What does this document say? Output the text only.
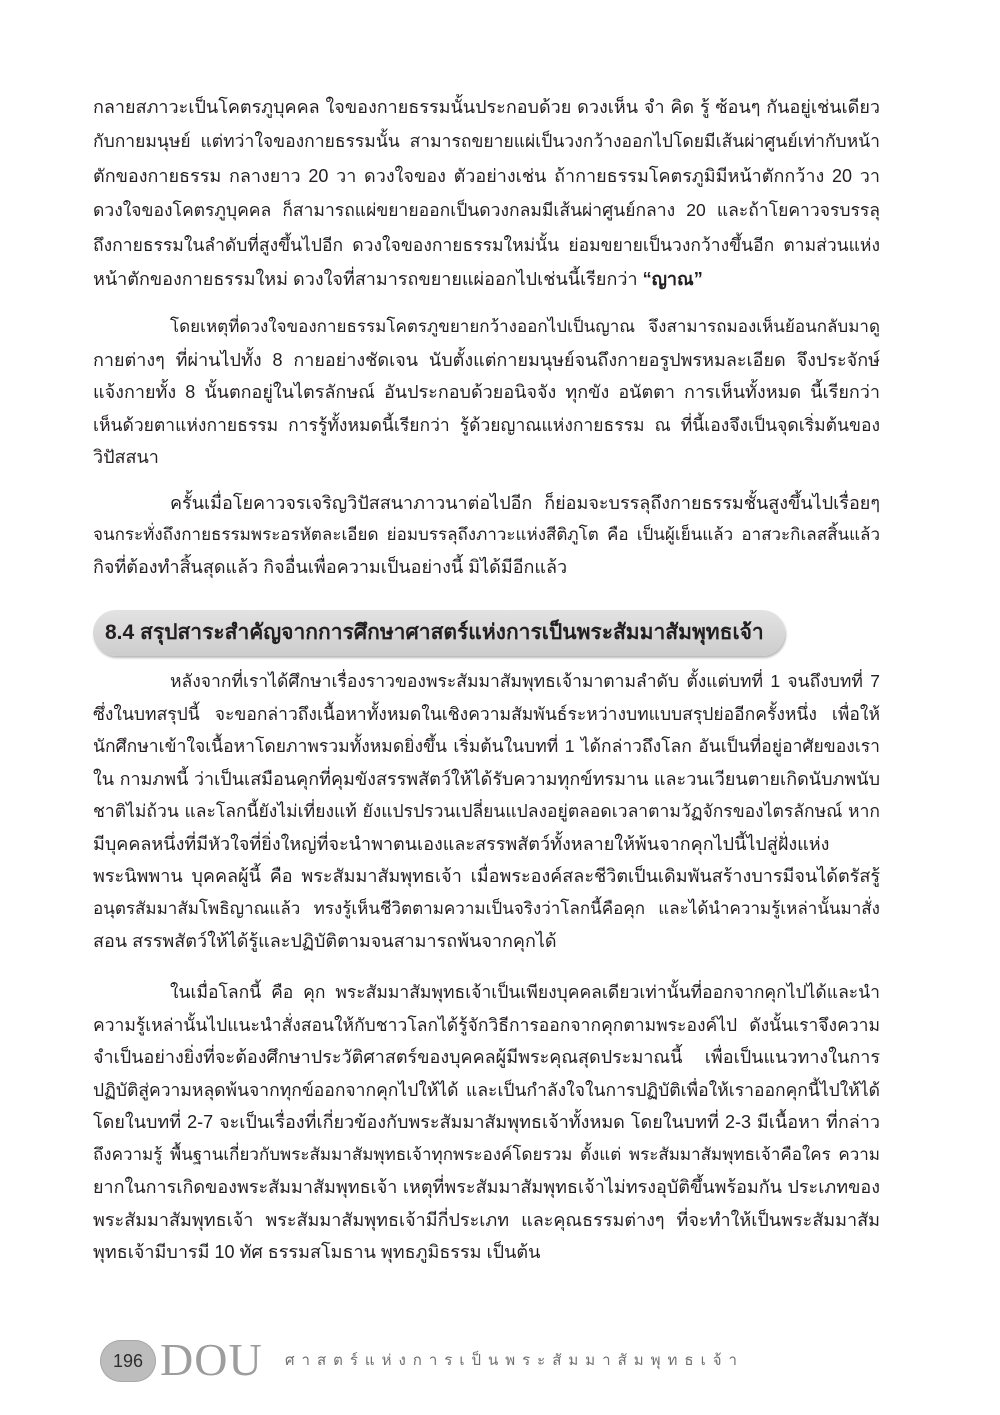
กลายสภาวะเป็นโคตรภูบุคคล ใจของกายธรรมนั้นประกอบด้วย ดวงเห็น จำ คิด รู้ ซ้อนๆ กันอยู่เช่นเดียว
กับกายมนุษย์ แต่ทว่าใจของกายธรรมนั้น สามารถขยายแผ่เป็นวงกว้างออกไปโดยมีเส้นผ่าศูนย์เท่ากับหน้า
ตักของกายธรรม กลางยาว 20 วา ดวงใจของ ตัวอย่างเช่น ถ้ากายธรรมโคตรภูมิมีหน้าตักกว้าง 20 วา
ดวงใจของโคตรภูบุคคล ก็สามารถแผ่ขยายออกเป็นดวงกลมมีเส้นผ่าศูนย์กลาง 20 และถ้าโยคาวจรบรรลุ
ถึงกายธรรมในลำดับที่สูงขึ้นไปอีก ดวงใจของกายธรรมใหม่นั้น ย่อมขยายเป็นวงกว้างขึ้นอีก ตามส่วนแห่ง
หน้าตักของกายธรรมใหม่ ดวงใจที่สามารถขยายแผ่ออกไปเช่นนี้เรียกว่า “ญาณ”
โดยเหตุที่ดวงใจของกายธรรมโคตรภูขยายกว้างออกไปเป็นญาณ จึงสามารถมองเห็นย้อนกลับมาดู
กายต่างๆ ที่ผ่านไปทั้ง 8 กายอย่างชัดเจน นับตั้งแต่กายมนุษย์จนถึงกายอรูปพรหมละเอียด จึงประจักษ์
แจ้งกายทั้ง 8 นั้นตกอยู่ในไตรลักษณ์ อันประกอบด้วยอนิจจัง ทุกขัง อนัตตา การเห็นทั้งหมด นี้เรียกว่า
เห็นด้วยตาแห่งกายธรรม การรู้ทั้งหมดนี้เรียกว่า รู้ด้วยญาณแห่งกายธรรม ณ ที่นี้เองจึงเป็นจุดเริ่มต้นของ
วิปัสสนา
ครั้นเมื่อโยคาวจรเจริญวิปัสสนาภาวนาต่อไปอีก ก็ย่อมจะบรรลุถึงกายธรรมชั้นสูงขึ้นไปเรื่อยๆ
จนกระทั่งถึงกายธรรมพระอรหัตละเอียด ย่อมบรรลุถึงภาวะแห่งสีติภูโต คือ เป็นผู้เย็นแล้ว อาสวะกิเลสสิ้นแล้ว
กิจที่ต้องทำสิ้นสุดแล้ว กิจอื่นเพื่อความเป็นอย่างนี้ มิได้มีอีกแล้ว
8.4 สรุปสาระสำคัญจากการศึกษาศาสตร์แห่งการเป็นพระสัมมาสัมพุทธเจ้า
หลังจากที่เราได้ศึกษาเรื่องราวของพระสัมมาสัมพุทธเจ้ามาตามลำดับ ตั้งแต่บทที่ 1 จนถึงบทที่ 7
ซึ่งในบทสรุปนี้ จะขอกล่าวถึงเนื้อหาทั้งหมดในเชิงความสัมพันธ์ระหว่างบทแบบสรุปย่ออีกครั้งหนึ่ง เพื่อให้
นักศึกษาเข้าใจเนื้อหาโดยภาพรวมทั้งหมดยิ่งขึ้น เริ่มต้นในบทที่ 1 ได้กล่าวถึงโลก อันเป็นที่อยู่อาศัยของเรา
ใน กามภพนี้ ว่าเป็นเสมือนคุกที่คุมขังสรรพสัตว์ให้ได้รับความทุกข์ทรมาน และวนเวียนตายเกิดนับภพนับ
ชาติไม่ถ้วน และโลกนี้ยังไม่เที่ยงแท้ ยังแปรปรวนเปลี่ยนแปลงอยู่ตลอดเวลาตามวัฏจักรของไตรลักษณ์ หาก
มีบุคคลหนึ่งที่มีหัวใจที่ยิ่งใหญ่ที่จะนำพาตนเองและสรรพสัตว์ทั้งหลายให้พ้นจากคุกไปนี้ไปสู่ฝั่งแห่ง
พระนิพพาน บุคคลผู้นี้ คือ พระสัมมาสัมพุทธเจ้า เมื่อพระองค์สละชีวิตเป็นเดิมพันสร้างบารมีจนได้ตรัสรู้
อนุตรสัมมาสัมโพธิญาณแล้ว ทรงรู้เห็นชีวิตตามความเป็นจริงว่าโลกนี้คือคุก และได้นำความรู้เหล่านั้นมาสั่ง
สอน สรรพสัตว์ให้ได้รู้และปฏิบัติตามจนสามารถพ้นจากคุกได้
ในเมื่อโลกนี้ คือ คุก พระสัมมาสัมพุทธเจ้าเป็นเพียงบุคคลเดียวเท่านั้นที่ออกจากคุกไปได้และนำ
ความรู้เหล่านั้นไปแนะนำสั่งสอนให้กับชาวโลกได้รู้จักวิธีการออกจากคุกตามพระองค์ไป ดังนั้นเราจึงความ
จำเป็นอย่างยิ่งที่จะต้องศึกษาประวัติศาสตร์ของบุคคลผู้มีพระคุณสุดประมาณนี้ เพื่อเป็นแนวทางในการ
ปฏิบัติสู่ความหลุดพ้นจากทุกข์ออกจากคุกไปให้ได้ และเป็นกำลังใจในการปฏิบัติเพื่อให้เราออกคุกนี้ไปให้ได้
โดยในบทที่ 2-7 จะเป็นเรื่องที่เกี่ยวข้องกับพระสัมมาสัมพุทธเจ้าทั้งหมด โดยในบทที่ 2-3 มีเนื้อหา ที่กล่าว
ถึงความรู้ พื้นฐานเกี่ยวกับพระสัมมาสัมพุทธเจ้าทุกพระองค์โดยรวม ตั้งแต่ พระสัมมาสัมพุทธเจ้าคือใคร ความ
ยากในการเกิดของพระสัมมาสัมพุทธเจ้า เหตุที่พระสัมมาสัมพุทธเจ้าไม่ทรงอุบัติขึ้นพร้อมกัน ประเภทของ
พระสัมมาสัมพุทธเจ้า พระสัมมาสัมพุทธเจ้ามีกี่ประเภท และคุณธรรมต่างๆ ที่จะทำให้เป็นพระสัมมาสัม
พุทธเจ้ามีบารมี 10 ทัศ ธรรมสโมธาน พุทธภูมิธรรม เป็นต้น
196 DOU ศาสตร์แห่งการเป็นพระสัมมาสัมพุทธเจ้า
